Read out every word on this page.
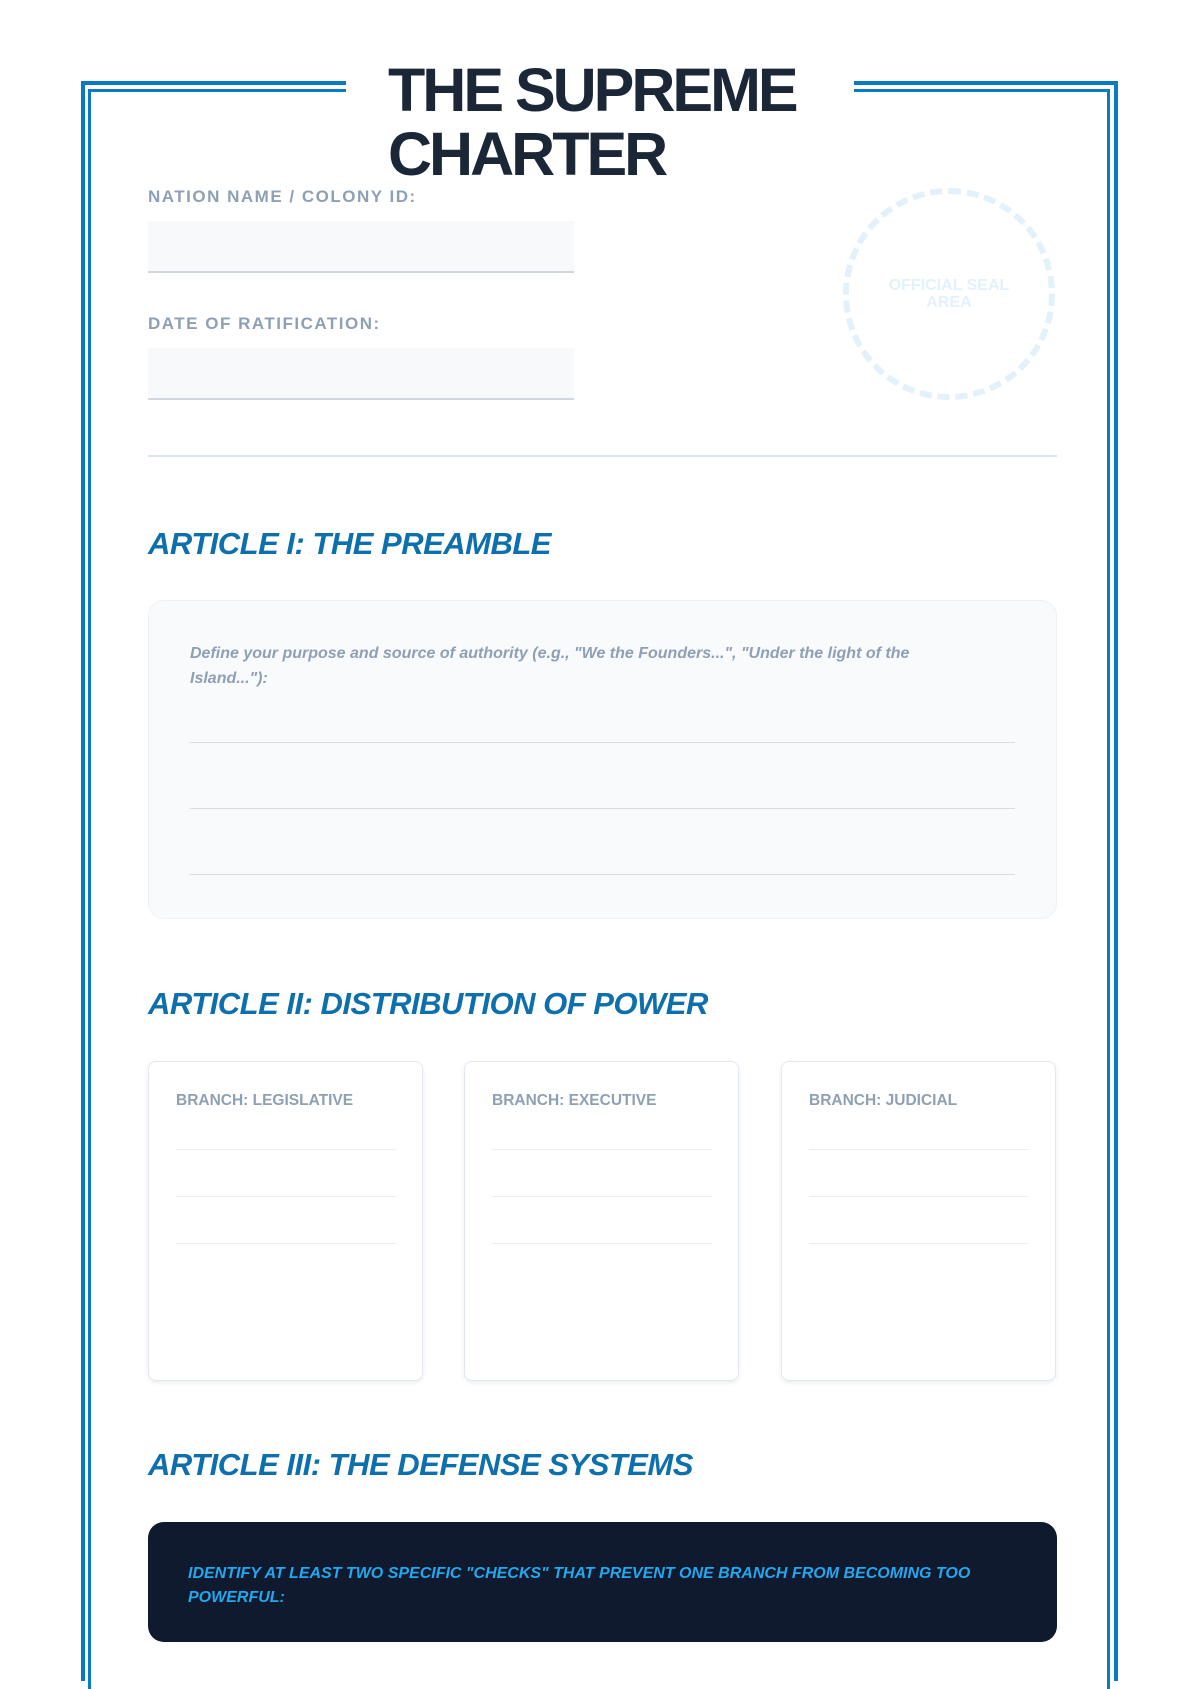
THE SUPREME CHARTER
NATION NAME / COLONY ID:
DATE OF RATIFICATION:
OFFICIAL SEAL AREA
ARTICLE I: THE PREAMBLE

Define your purpose and source of authority (e.g., "We the Founders...", "Under the light of the Island..."):

ARTICLE II: DISTRIBUTION OF POWER

BRANCH: LEGISLATIVE	BRANCH: EXECUTIVE	BRANCH: JUDICIAL

ARTICLE III: THE DEFENSE SYSTEMS

IDENTIFY AT LEAST TWO SPECIFIC "CHECKS" THAT PREVENT ONE BRANCH FROM BECOMING TOO POWERFUL:
